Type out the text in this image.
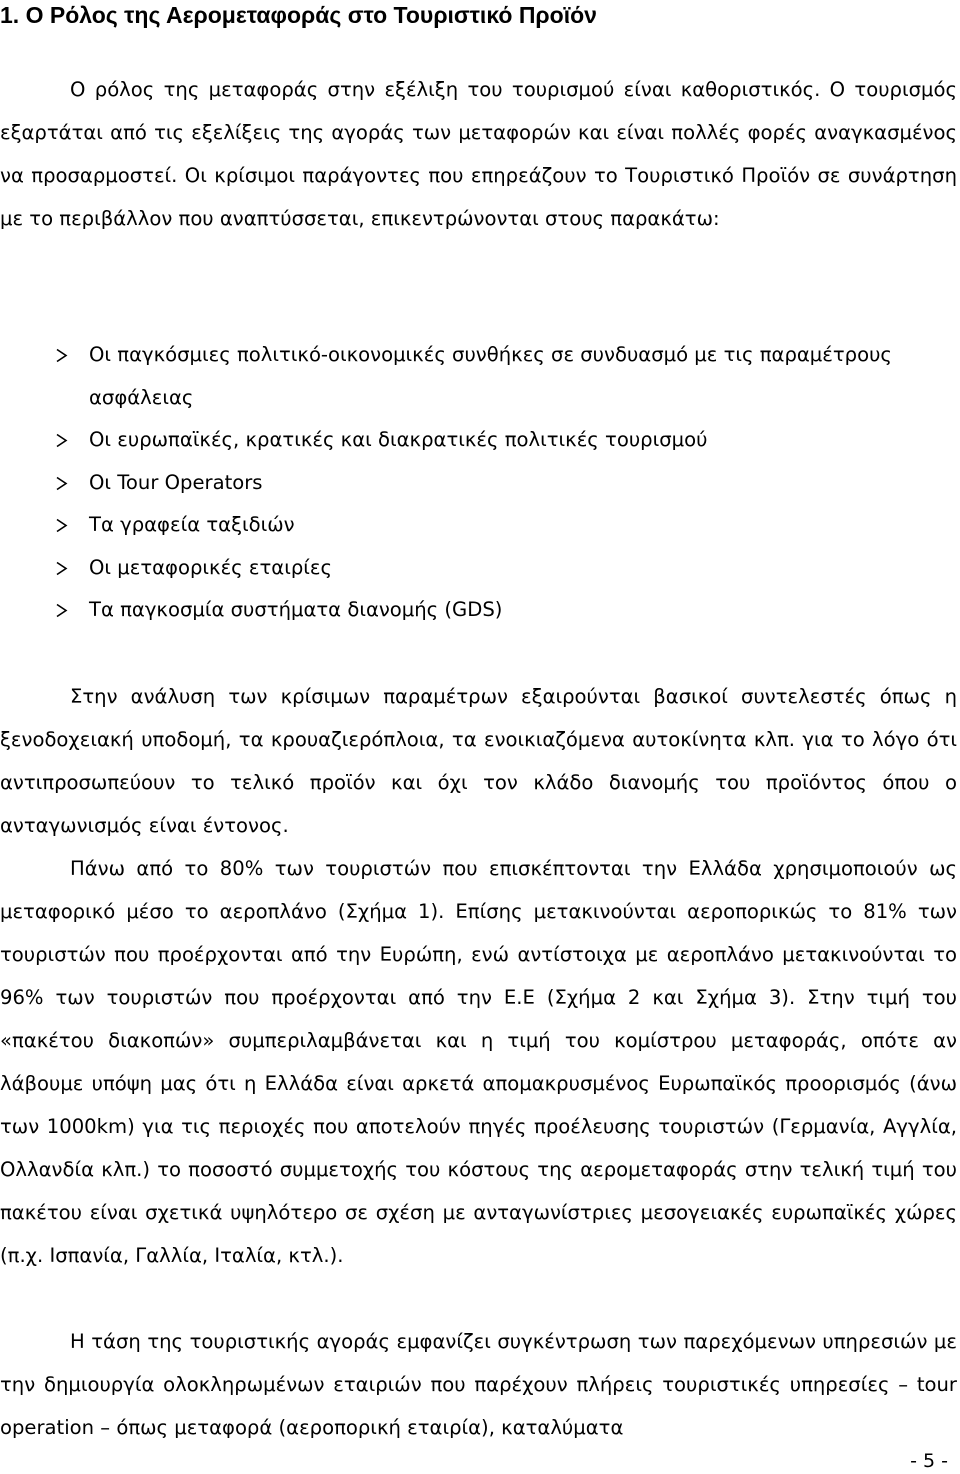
1. Ο Ρόλος της Αερομεταφοράς στο Τουριστικό Προϊόν

Ο ρόλος της μεταφοράς στην εξέλιξη του τουρισμού είναι καθοριστικός. Ο τουρισμός εξαρτάται από τις εξελίξεις της αγοράς των μεταφορών και είναι πολλές φορές αναγκασμένος να προσαρμοστεί. Οι κρίσιμοι παράγοντες που επηρεάζουν το Τουριστικό Προϊόν σε συνάρτηση με το περιβάλλον που αναπτύσσεται, επικεντρώνονται στους παρακάτω:

Οι παγκόσμιες πολιτικό-οικονομικές συνθήκες σε συνδυασμό με τις παραμέτρους ασφάλειας
Οι ευρωπαϊκές, κρατικές και διακρατικές πολιτικές τουρισμού
Οι Tour Operators
Τα γραφεία ταξιδιών
Οι μεταφορικές εταιρίες
Τα παγκοσμία συστήματα διανομής (GDS)

Στην ανάλυση των κρίσιμων παραμέτρων εξαιρούνται βασικοί συντελεστές όπως η ξενοδοχειακή υποδομή, τα κρουαζιερόπλοια, τα ενοικιαζόμενα αυτοκίνητα κλπ. για το λόγο ότι αντιπροσωπεύουν το τελικό προϊόν και όχι τον κλάδο διανομής του προϊόντος όπου ο ανταγωνισμός είναι έντονος.

Πάνω από το 80% των τουριστών που επισκέπτονται την Ελλάδα χρησιμοποιούν ως μεταφορικό μέσο το αεροπλάνο (Σχήμα 1). Επίσης μετακινούνται αεροπορικώς το 81% των τουριστών που προέρχονται από την Ευρώπη, ενώ αντίστοιχα με αεροπλάνο μετακινούνται το 96% των τουριστών που προέρχονται από την Ε.Ε (Σχήμα 2 και Σχήμα 3). Στην τιμή του «πακέτου διακοπών» συμπεριλαμβάνεται και η τιμή του κομίστρου μεταφοράς, οπότε αν λάβουμε υπόψη μας ότι η Ελλάδα είναι αρκετά απομακρυσμένος Ευρωπαϊκός προορισμός (άνω των 1000km) για τις περιοχές που αποτελούν πηγές προέλευσης τουριστών (Γερμανία, Αγγλία, Ολλανδία κλπ.) το ποσοστό συμμετοχής του κόστους της αερομεταφοράς στην τελική τιμή του πακέτου είναι σχετικά υψηλότερο σε σχέση με ανταγωνίστριες μεσογειακές ευρωπαϊκές χώρες (π.χ. Ισπανία, Γαλλία, Ιταλία, κτλ.).

Η τάση της τουριστικής αγοράς εμφανίζει συγκέντρωση των παρεχόμενων υπηρεσιών με την δημιουργία ολοκληρωμένων εταιριών που παρέχουν πλήρεις τουριστικές υπηρεσίες – tour operation – όπως μεταφορά (αεροπορική εταιρία), καταλύματα

- 5 -
